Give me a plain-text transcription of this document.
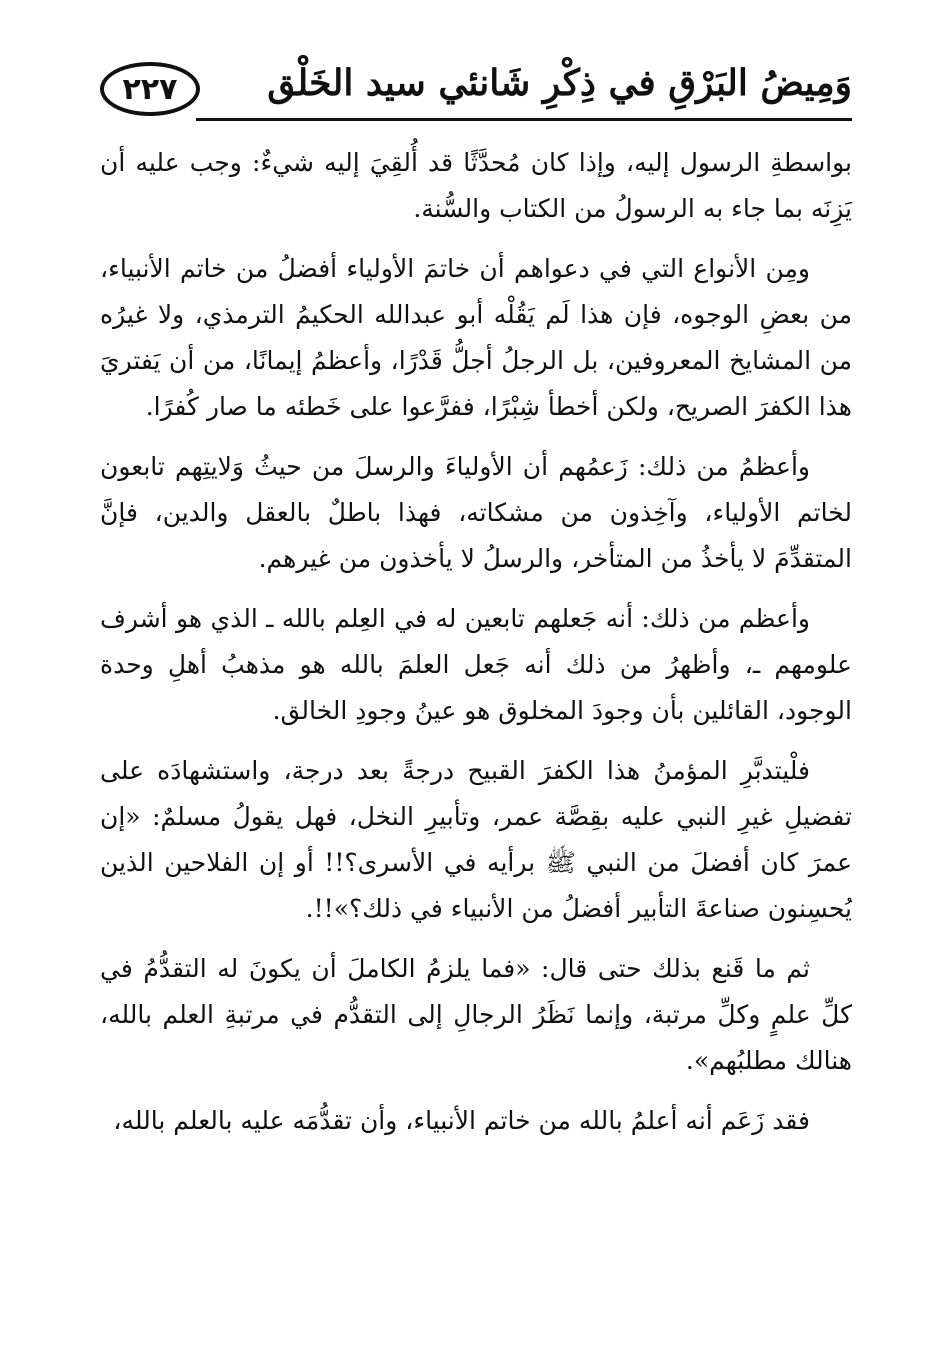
٢٢٧ وَمِيضُ البَرْقِ في ذِكْرِ شَانئي سيد الخَلْق

بواسطةِ الرسول إليه، وإذا كان مُحدَّثًا قد أُلقِيَ إليه شيءٌ: وجب عليه أن يَزِنَه بما جاء به الرسولُ من الكتاب والسُّنة.

ومِن الأنواع التي في دعواهم أن خاتمَ الأولياء أفضلُ من خاتم الأنبياء، من بعضِ الوجوه، فإن هذا لَم يَقُلْه أبو عبدالله الحكيمُ الترمذي، ولا غيرُه من المشايخ المعروفين، بل الرجلُ أجلُّ قَدْرًا، وأعظمُ إيمانًا، من أن يَفتريَ هذا الكفرَ الصريح، ولكن أخطأ شِبْرًا، ففرَّعوا على خَطئه ما صار كُفرًا.

وأعظمُ من ذلك: زَعمُهم أن الأولياءَ والرسلَ من حيثُ وَلايتِهم تابعون لخاتم الأولياء، وآخِذون من مشكاته، فهذا باطلٌ بالعقل والدين، فإنَّ المتقدِّمَ لا يأخذُ من المتأخر، والرسلُ لا يأخذون من غيرهم.

وأعظم من ذلك: أنه جَعلهم تابعين له في العِلم بالله ـ الذي هو أشرف علومهم ـ، وأظهرُ من ذلك أنه جَعل العلمَ بالله هو مذهبُ أهلِ وحدة الوجود، القائلين بأن وجودَ المخلوق هو عينُ وجودِ الخالق.

فلْيتدبَّرِ المؤمنُ هذا الكفرَ القبيح درجةً بعد درجة، واستشهادَه على تفضيلِ غيرِ النبي عليه بقِصَّة عمر، وتأبيرِ النخل، فهل يقولُ مسلمٌ: «إن عمرَ كان أفضلَ من النبي ﷺ برأيه في الأسرى؟!! أو إن الفلاحين الذين يُحسِنون صناعةَ التأبير أفضلُ من الأنبياء في ذلك؟»!!.

ثم ما قَنع بذلك حتى قال: «فما يلزمُ الكاملَ أن يكونَ له التقدُّمُ في كلِّ علمٍ وكلِّ مرتبة، وإنما نَظَرُ الرجالِ إلى التقدُّم في مرتبةِ العلم بالله، هنالك مطلبُهم».

فقد زَعَم أنه أعلمُ بالله من خاتم الأنبياء، وأن تقدُّمَه عليه بالعلم بالله،
